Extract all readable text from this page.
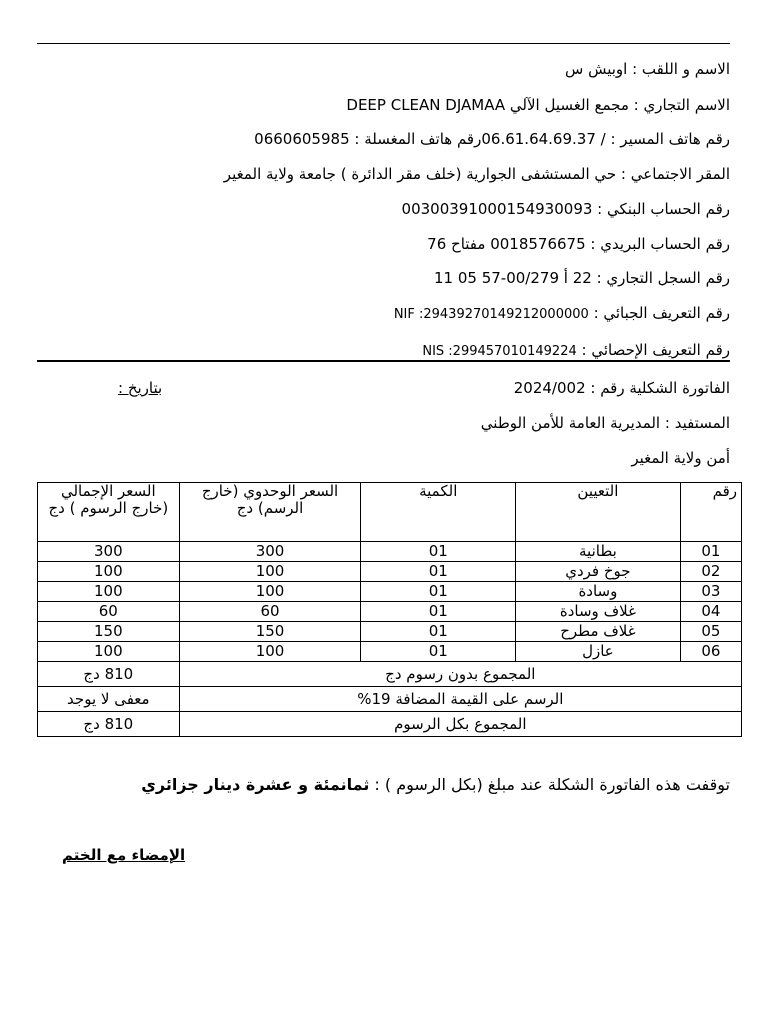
الاسم و اللقب : اوبيش س
الاسم التجاري : مجمع الغسيل الآلي DEEP CLEAN DJAMAA
رقم هاتف المسير : / 06.61.64.69.37رقم هاتف المغسلة : 0660605985
المقر الاجتماعي : حي المستشفى الجوارية (خلف مقر الدائرة ) جامعة ولاية المغير
رقم الحساب البنكي : 00300391000154930093
رقم الحساب البريدي : 0018576675 مفتاح 76
رقم السجل التجاري : 22 أ 00/279-57 05 11
رقم التعريف الجبائي : NIF :29439270149212000000
رقم التعريف الإحصائي : NIS :299457010149224
الفاتورة الشكلية رقم : 2024/002
بتاريخ :
المستفيد : المديرية العامة للأمن الوطني
أمن ولاية المغير
رقم	التعيين	الكمية	السعر الوحدوي (خارج الرسم) دج	السعر الإجمالي (خارج الرسوم ) دج
01	بطانية	01	300	300
02	جوخ فردي	01	100	100
03	وسادة	01	100	100
04	غلاف وسادة	01	60	60
05	غلاف مطرح	01	150	150
06	عازل	01	100	100
المجموع بدون رسوم دج				810 دج
الرسم على القيمة المضافة 19%				معفى لا يوجد
المجموع بكل الرسوم				810 دج
توقفت هذه الفاتورة الشكلة عند مبلغ (بكل الرسوم ) : ثمانمئة و عشرة دينار جزائري
الإمضاء مع الختم
